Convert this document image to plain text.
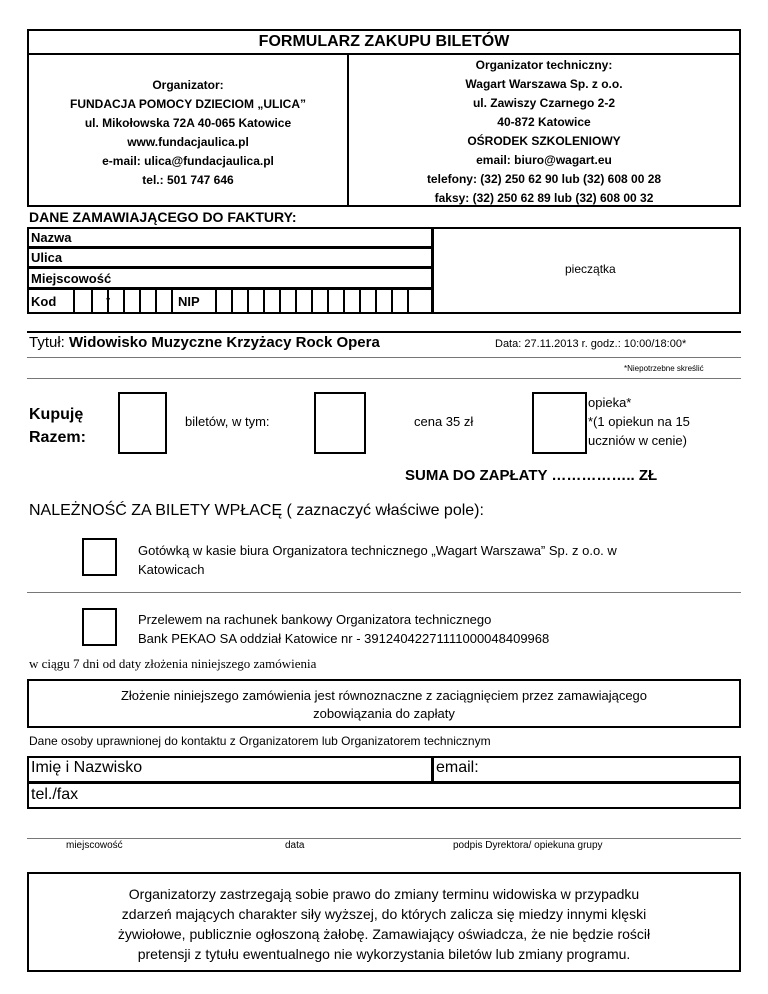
FORMULARZ ZAKUPU BILETÓW
Organizator:
FUNDACJA POMOCY DZIECIOM „ULICA”
ul. Mikołowska 72A 40-065 Katowice
www.fundacjaulica.pl
e-mail: ulica@fundacjaulica.pl
tel.: 501 747 646
Organizator techniczny:
Wagart Warszawa Sp. z o.o.
ul. Zawiszy Czarnego 2-2
40-872 Katowice
OŚRODEK SZKOLENIOWY
email: biuro@wagart.eu
telefony: (32) 250 62 90 lub (32) 608 00 28
faksy: (32) 250 62 89 lub (32) 608 00 32
DANE ZAMAWIAJĄCEGO DO FAKTURY:
Nazwa
Ulica
Miejscowość
Kod	-	NIP
pieczątka
Tytuł: Widowisko Muzyczne Krzyżacy Rock Opera	Data: 27.11.2013 r. godz.: 10:00/18:00*
*Niepotrzebne skreślić
Kupuję
Razem:
biletów, w tym:	cena 35 zł
opieka*
*(1 opiekun na 15
uczniów w cenie)
SUMA DO ZAPŁATY …………….. ZŁ
NALEŻNOŚĆ ZA BILETY WPŁACĘ ( zaznaczyć właściwe pole):
Gotówką w kasie biura Organizatora technicznego „Wagart Warszawa” Sp. z o.o. w
Katowicach
Przelewem na rachunek bankowy Organizatora technicznego
Bank PEKAO SA oddział Katowice nr - 39124042271111000048409968
w ciągu 7 dni od daty złożenia niniejszego zamówienia
Złożenie niniejszego zamówienia jest równoznaczne z zaciągnięciem przez zamawiającego
zobowiązania do zapłaty
Dane osoby uprawnionej do kontaktu z Organizatorem lub Organizatorem technicznym
Imię i Nazwisko	email:
tel./fax
miejscowość	data	podpis Dyrektora/ opiekuna grupy
Organizatorzy zastrzegają sobie prawo do zmiany terminu widowiska w przypadku
zdarzeń mających charakter siły wyższej, do których zalicza się miedzy innymi klęski
żywiołowe, publicznie ogłoszoną żałobę. Zamawiający oświadcza, że nie będzie rościł
pretensji z tytułu ewentualnego nie wykorzystania biletów lub zmiany programu.
